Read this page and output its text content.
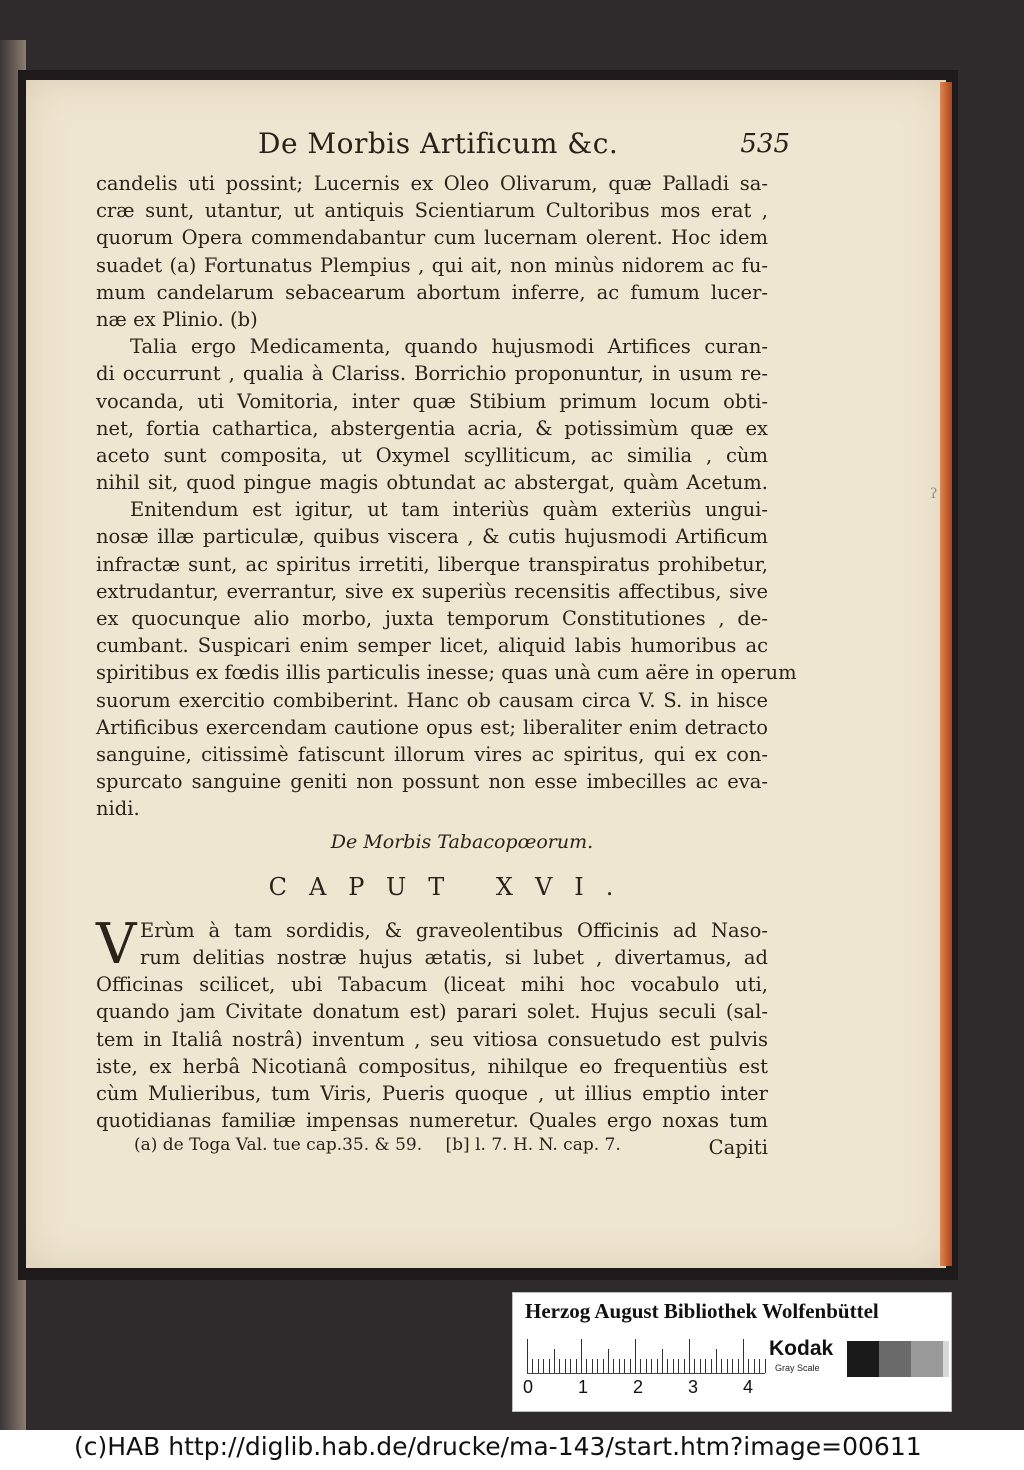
ʔ
De Morbis Artificum &c.	535
candelis uti possint; Lucernis ex Oleo Olivarum, quæ Palladi sa-
cræ sunt, utantur, ut antiquis Scientiarum Cultoribus mos erat ,
quorum Opera commendabantur cum lucernam olerent. Hoc idem
suadet (a) Fortunatus Plempius , qui ait, non minùs nidorem ac fu-
mum candelarum sebacearum abortum inferre, ac fumum lucer-
næ ex Plinio. (b)
Talia ergo Medicamenta, quando hujusmodi Artifices curan-
di occurrunt , qualia à Clariss. Borrichio proponuntur, in usum re-
vocanda, uti Vomitoria, inter quæ Stibium primum locum obti-
net, fortia cathartica, abstergentia acria, & potissimùm quæ ex
aceto sunt composita, ut Oxymel scylliticum, ac similia , cùm
nihil sit, quod pingue magis obtundat ac abstergat, quàm Acetum.
Enitendum est igitur, ut tam interiùs quàm exteriùs ungui-
nosæ illæ particulæ, quibus viscera , & cutis hujusmodi Artificum
infractæ sunt, ac spiritus irretiti, liberque transpiratus prohibetur,
extrudantur, everrantur, sive ex superiùs recensitis affectibus, sive
ex quocunque alio morbo, juxta temporum Constitutiones , de-
cumbant. Suspicari enim semper licet, aliquid labis humoribus ac
spiritibus ex fœdis illis particulis inesse; quas unà cum aëre in operum
suorum exercitio combiberint. Hanc ob causam circa V. S. in hisce
Artificibus exercendam cautione opus est; liberaliter enim detracto
sanguine, citissimè fatiscunt illorum vires ac spiritus, qui ex con-
spurcato sanguine geniti non possunt non esse imbecilles ac eva-
nidi.
De Morbis Tabacopœorum.
CAPUT XVI.
V Erùm à tam sordidis, & graveolentibus Officinis ad Naso-
rum delitias nostræ hujus ætatis, si lubet , divertamus, ad
Officinas scilicet, ubi Tabacum (liceat mihi hoc vocabulo uti,
quando jam Civitate donatum est) parari solet. Hujus seculi (sal-
tem in Italiâ nostrâ) inventum , seu vitiosa consuetudo est pulvis
iste, ex herbâ Nicotianâ compositus, nihilque eo frequentiùs est
cùm Mulieribus, tum Viris, Pueris quoque , ut illius emptio inter
quotidianas familiæ impensas numeretur. Quales ergo noxas tum
Capiti
(a) de Toga Val. tue cap.35. & 59. [b] l. 7. H. N. cap. 7.
Herzog August Bibliothek Wolfenbüttel
0 1 2 3 4
Kodak
Gray Scale
(c)HAB http://diglib.hab.de/drucke/ma-143/start.htm?image=00611
